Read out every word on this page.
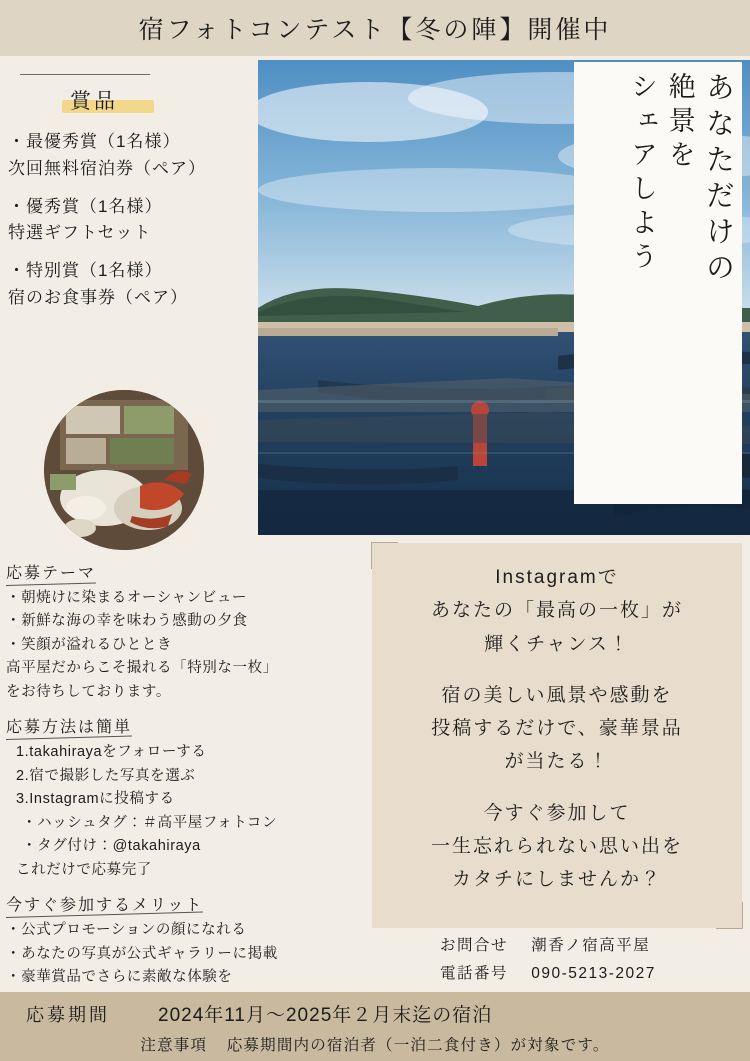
宿フォトコンテスト【冬の陣】開催中
賞品
・最優秀賞（1名様）
次回無料宿泊券（ペア）
・優秀賞（1名様）
特選ギフトセット
・特別賞（1名様）
宿のお食事券（ペア）
あなただけの
絶景を
シェアしよう
応募テーマ

・朝焼けに染まるオーシャンビュー

・新鮮な海の幸を味わう感動の夕食

・笑顔が溢れるひととき

高平屋だからこそ撮れる「特別な一枚」

をお待ちしております。

応募方法は簡単

1.takahirayaをフォローする

2.宿で撮影した写真を選ぶ

3.Instagramに投稿する

・ハッシュタグ：＃高平屋フォトコン

・タグ付け：@takahiraya

これだけで応募完了

今すぐ参加するメリット

・公式プロモーションの顔になれる

・あなたの写真が公式ギャラリーに掲載

・豪華賞品でさらに素敵な体験を

Instagramで

あなたの「最高の一枚」が

輝くチャンス！

宿の美しい風景や感動を

投稿するだけで、豪華景品

が当たる！

今すぐ参加して

一生忘れられない思い出を

カタチにしませんか？

お問合せ 潮香ノ宿高平屋
電話番号 090-5213-2027
応募期間	2024年11月〜2025年２月末迄の宿泊
注意事項 応募期間内の宿泊者（一泊二食付き）が対象です。
